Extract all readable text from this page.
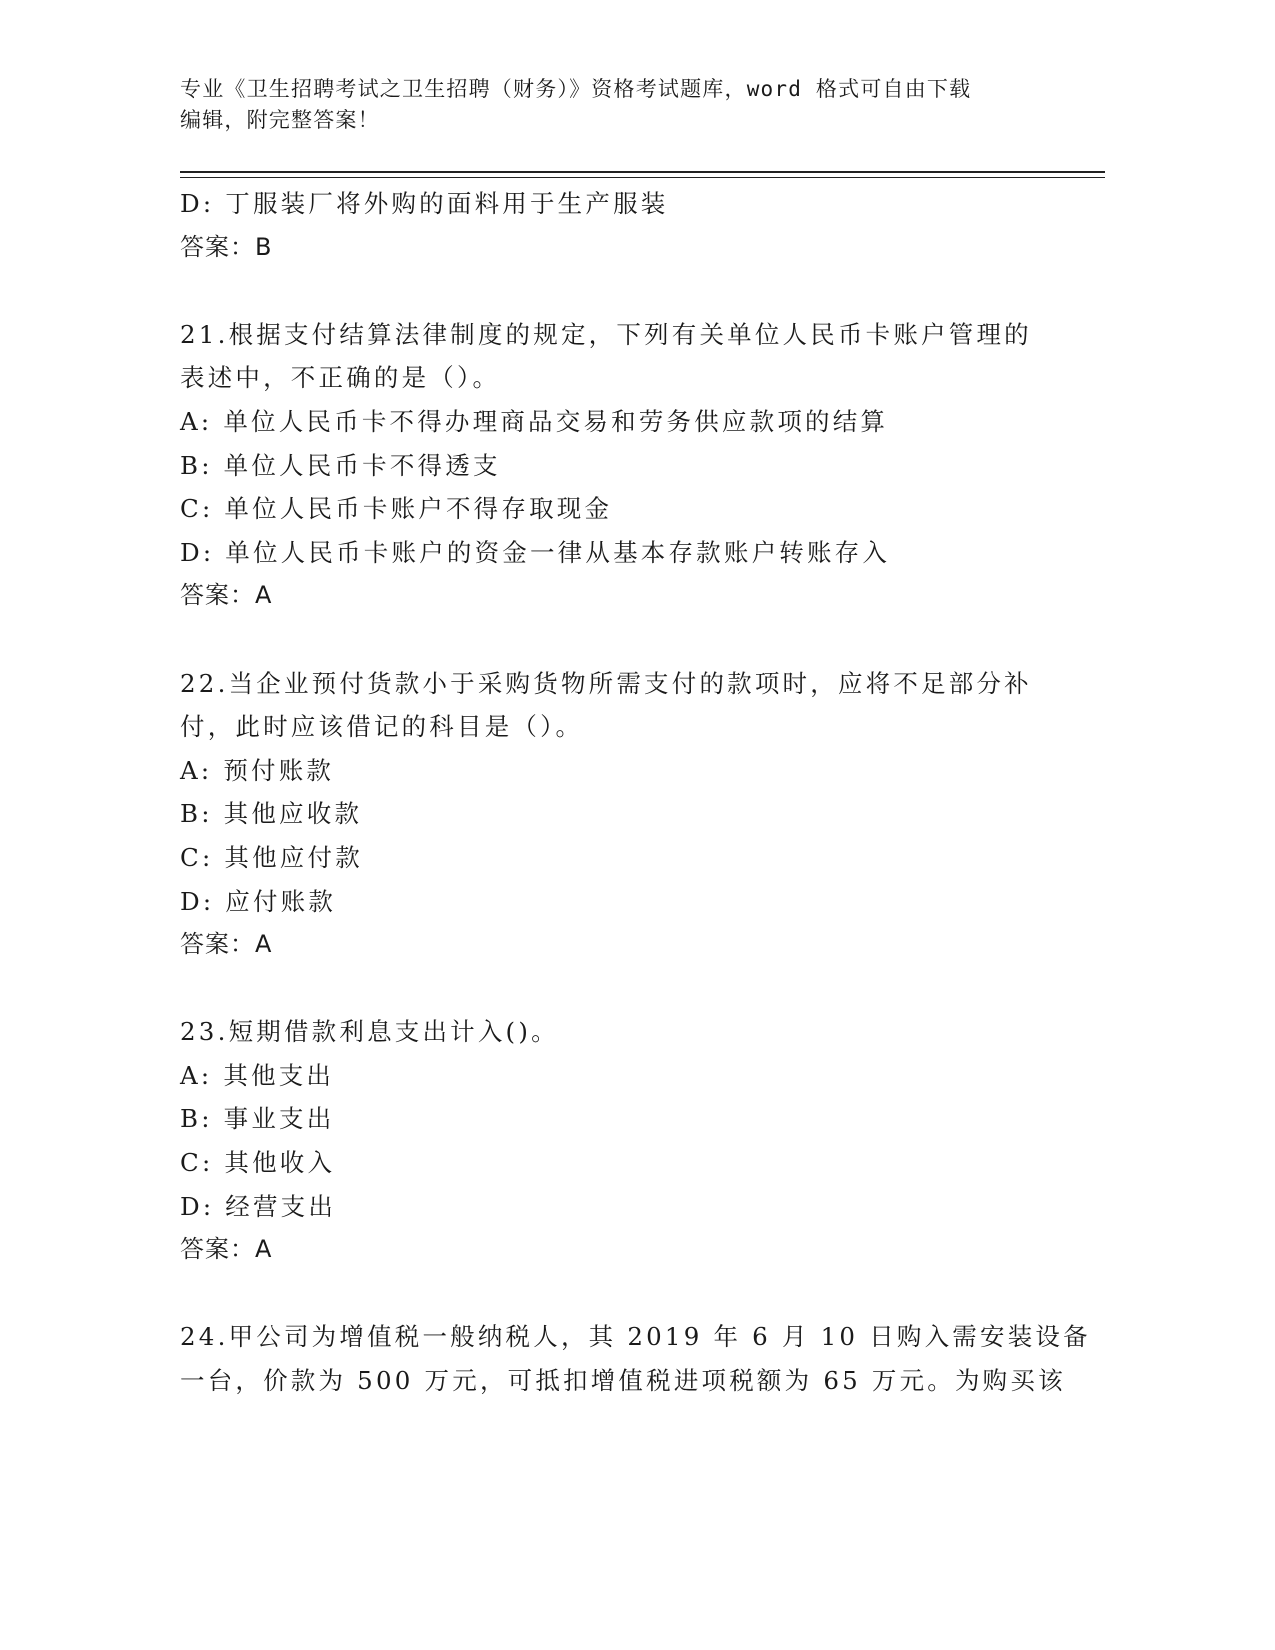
专业《卫生招聘考试之卫生招聘（财务）》资格考试题库，word 格式可自由下载
编辑，附完整答案！
D: 丁服装厂将外购的面料用于生产服装
答案：B
21.根据支付结算法律制度的规定，下列有关单位人民币卡账户管理的
表述中，不正确的是（）。
A: 单位人民币卡不得办理商品交易和劳务供应款项的结算
B: 单位人民币卡不得透支
C: 单位人民币卡账户不得存取现金
D: 单位人民币卡账户的资金一律从基本存款账户转账存入
答案：A
22.当企业预付货款小于采购货物所需支付的款项时，应将不足部分补
付，此时应该借记的科目是（）。
A: 预付账款
B: 其他应收款
C: 其他应付款
D: 应付账款
答案：A
23.短期借款利息支出计入()。
A: 其他支出
B: 事业支出
C: 其他收入
D: 经营支出
答案：A
24.甲公司为增值税一般纳税人，其 2019 年 6 月 10 日购入需安装设备
一台，价款为 500 万元，可抵扣增值税进项税额为 65 万元。为购买该
